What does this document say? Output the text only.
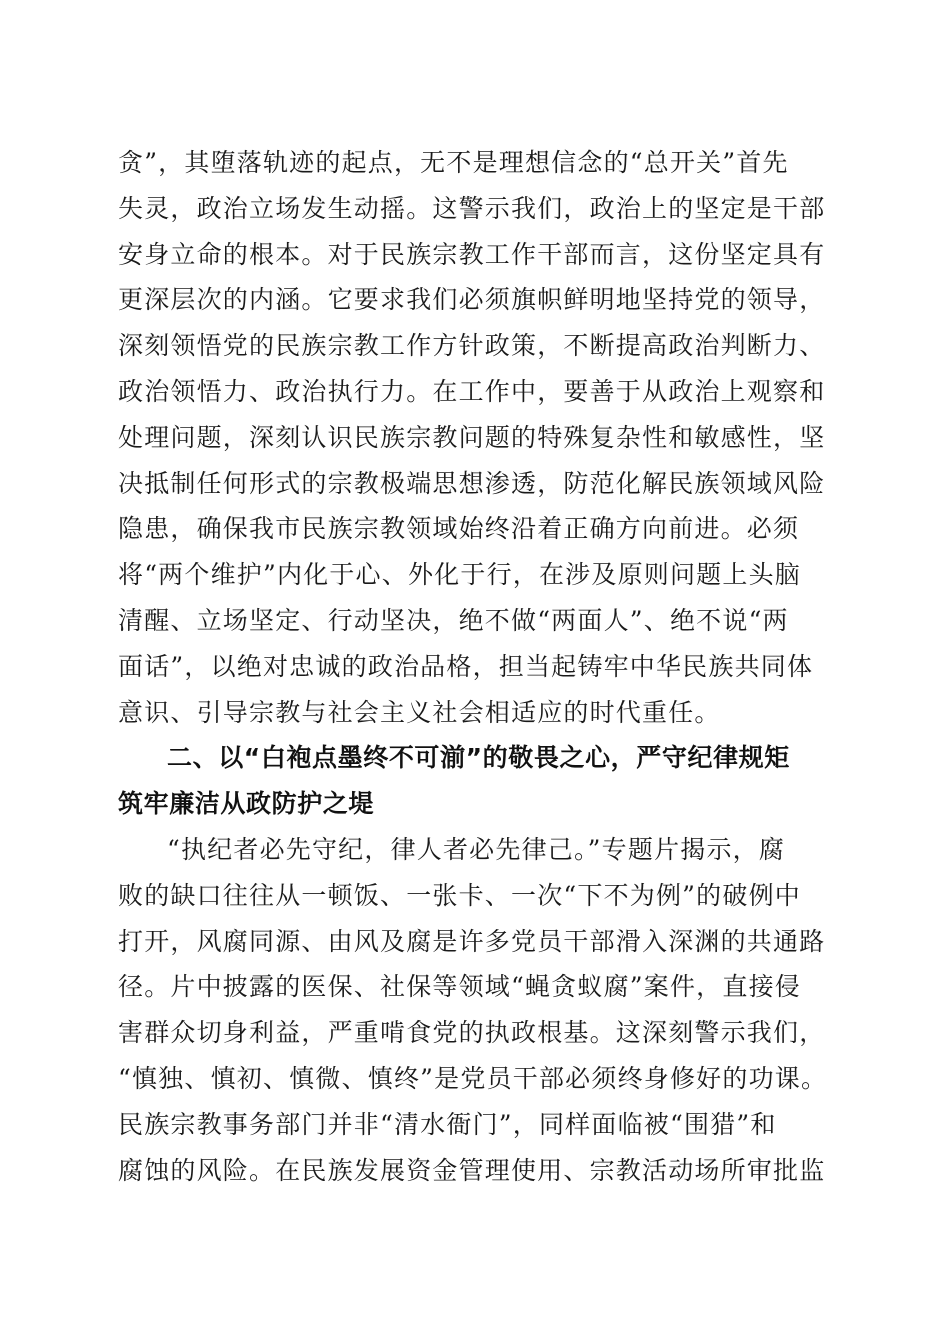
贪”，其堕落轨迹的起点，无不是理想信念的“总开关”首先
失灵，政治立场发生动摇。这警示我们，政治上的坚定是干部
安身立命的根本。对于民族宗教工作干部而言，这份坚定具有
更深层次的内涵。它要求我们必须旗帜鲜明地坚持党的领导，
深刻领悟党的民族宗教工作方针政策，不断提高政治判断力、
政治领悟力、政治执行力。在工作中，要善于从政治上观察和
处理问题，深刻认识民族宗教问题的特殊复杂性和敏感性，坚
决抵制任何形式的宗教极端思想渗透，防范化解民族领域风险
隐患，确保我市民族宗教领域始终沿着正确方向前进。必须
将“两个维护”内化于心、外化于行，在涉及原则问题上头脑
清醒、立场坚定、行动坚决，绝不做“两面人”、绝不说“两
面话”，以绝对忠诚的政治品格，担当起铸牢中华民族共同体
意识、引导宗教与社会主义社会相适应的时代重任。
二、以“白袍点墨终不可湔”的敬畏之心，严守纪律规矩
筑牢廉洁从政防护之堤
“执纪者必先守纪，律人者必先律己。”专题片揭示，腐
败的缺口往往从一顿饭、一张卡、一次“下不为例”的破例中
打开，风腐同源、由风及腐是许多党员干部滑入深渊的共通路
径。片中披露的医保、社保等领域“蝇贪蚁腐”案件，直接侵
害群众切身利益，严重啃食党的执政根基。这深刻警示我们，
“慎独、慎初、慎微、慎终”是党员干部必须终身修好的功课。
民族宗教事务部门并非“清水衙门”，同样面临被“围猎”和
腐蚀的风险。在民族发展资金管理使用、宗教活动场所审批监
